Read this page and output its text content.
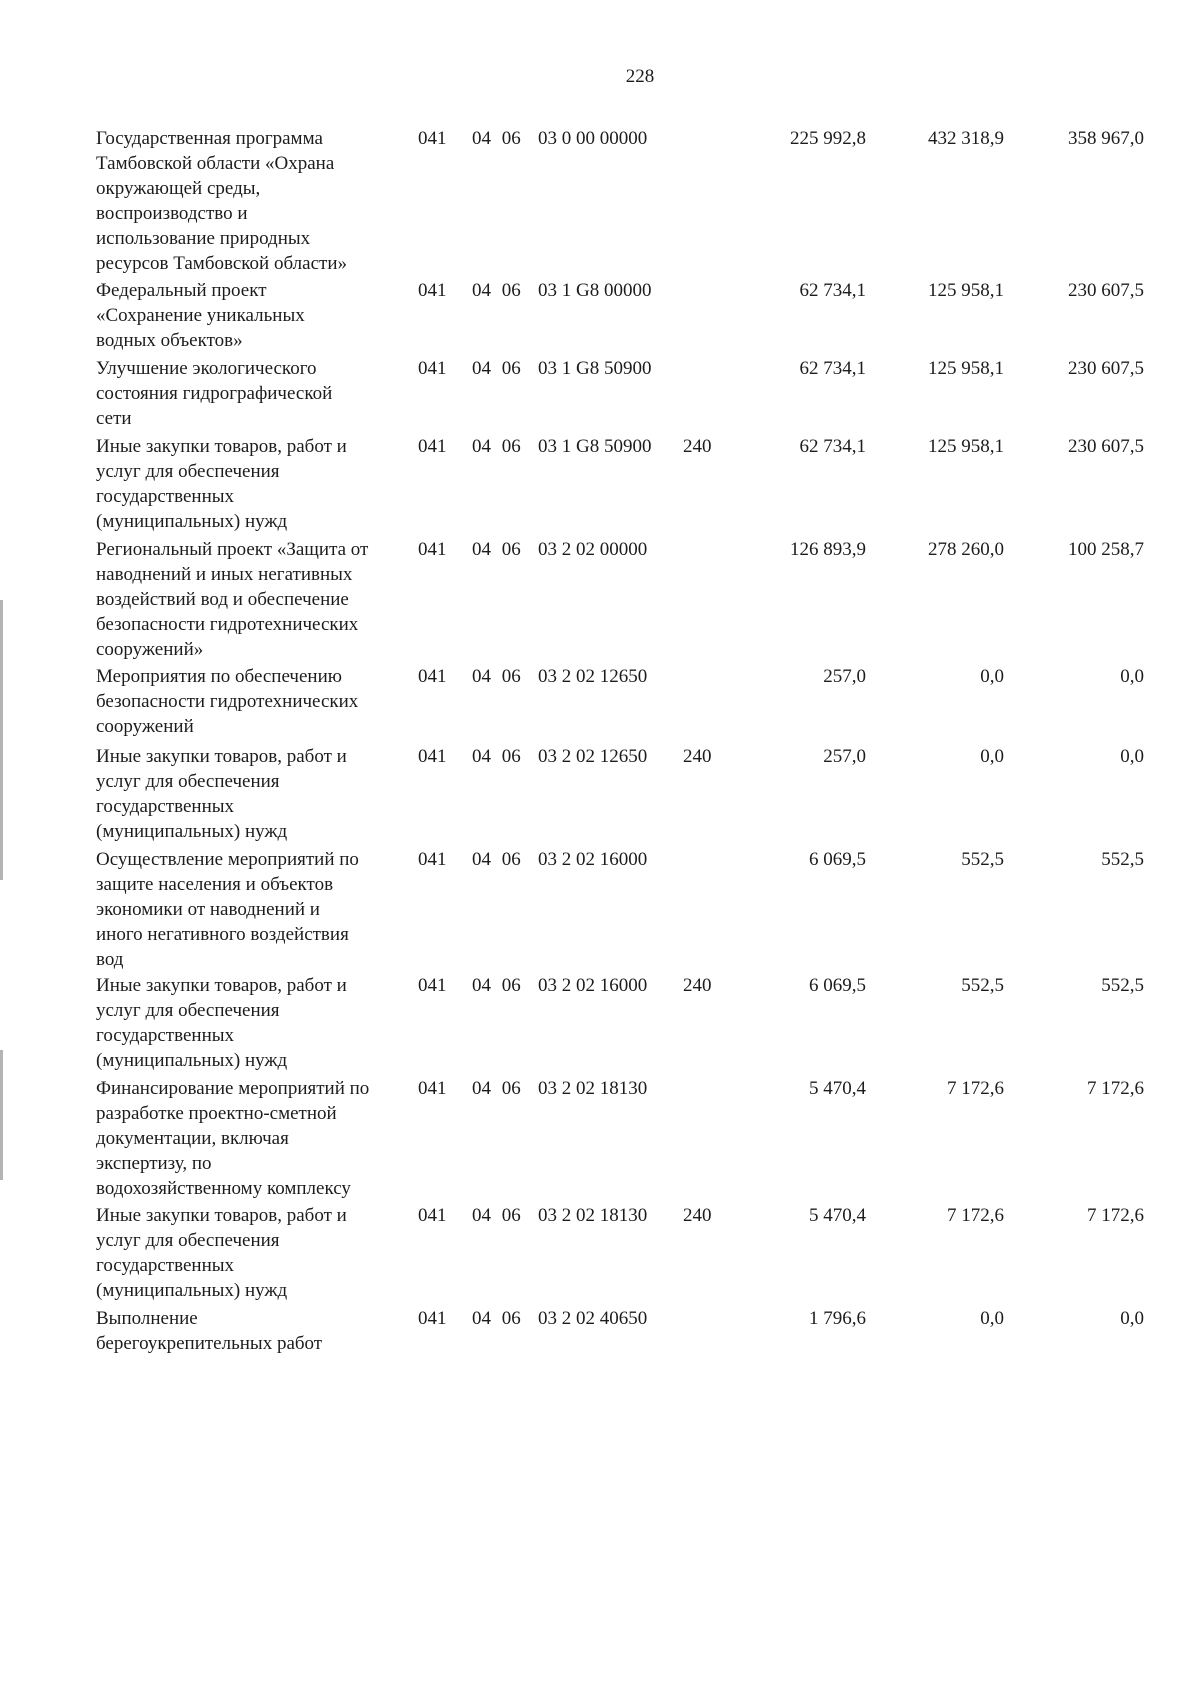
228
Государственная программа
Тамбовской области «Охрана
окружающей среды,
воспроизводство и
использование природных
ресурсов Тамбовской области»
041	04 06 03 0 00 00000	225 992,8	432 318,9	358 967,0
Федеральный проект
«Сохранение уникальных
водных объектов»
041	04 06 03 1 G8 00000	62 734,1	125 958,1	230 607,5
Улучшение экологического
состояния гидрографической
сети
041	04 06 03 1 G8 50900	62 734,1	125 958,1	230 607,5
Иные закупки товаров, работ и
услуг для обеспечения
государственных
(муниципальных) нужд
041	04 06 03 1 G8 50900	240	62 734,1	125 958,1	230 607,5
Региональный проект «Защита от
наводнений и иных негативных
воздействий вод и обеспечение
безопасности гидротехнических
сооружений»
041	04 06 03 2 02 00000	126 893,9	278 260,0	100 258,7
Мероприятия по обеспечению
безопасности гидротехнических
сооружений
041	04 06 03 2 02 12650	257,0	0,0	0,0
Иные закупки товаров, работ и
услуг для обеспечения
государственных
(муниципальных) нужд
041	04 06 03 2 02 12650	240	257,0	0,0	0,0
Осуществление мероприятий по
защите населения и объектов
экономики от наводнений и
иного негативного воздействия
вод
041	04 06 03 2 02 16000	6 069,5	552,5	552,5
Иные закупки товаров, работ и
услуг для обеспечения
государственных
(муниципальных) нужд
041	04 06 03 2 02 16000	240	6 069,5	552,5	552,5
Финансирование мероприятий по
разработке проектно-сметной
документации, включая
экспертизу, по
водохозяйственному комплексу
041	04 06 03 2 02 18130	5 470,4	7 172,6	7 172,6
Иные закупки товаров, работ и
услуг для обеспечения
государственных
(муниципальных) нужд
041	04 06 03 2 02 18130	240	5 470,4	7 172,6	7 172,6
Выполнение
берегоукрепительных работ
041	04 06 03 2 02 40650	1 796,6	0,0	0,0
